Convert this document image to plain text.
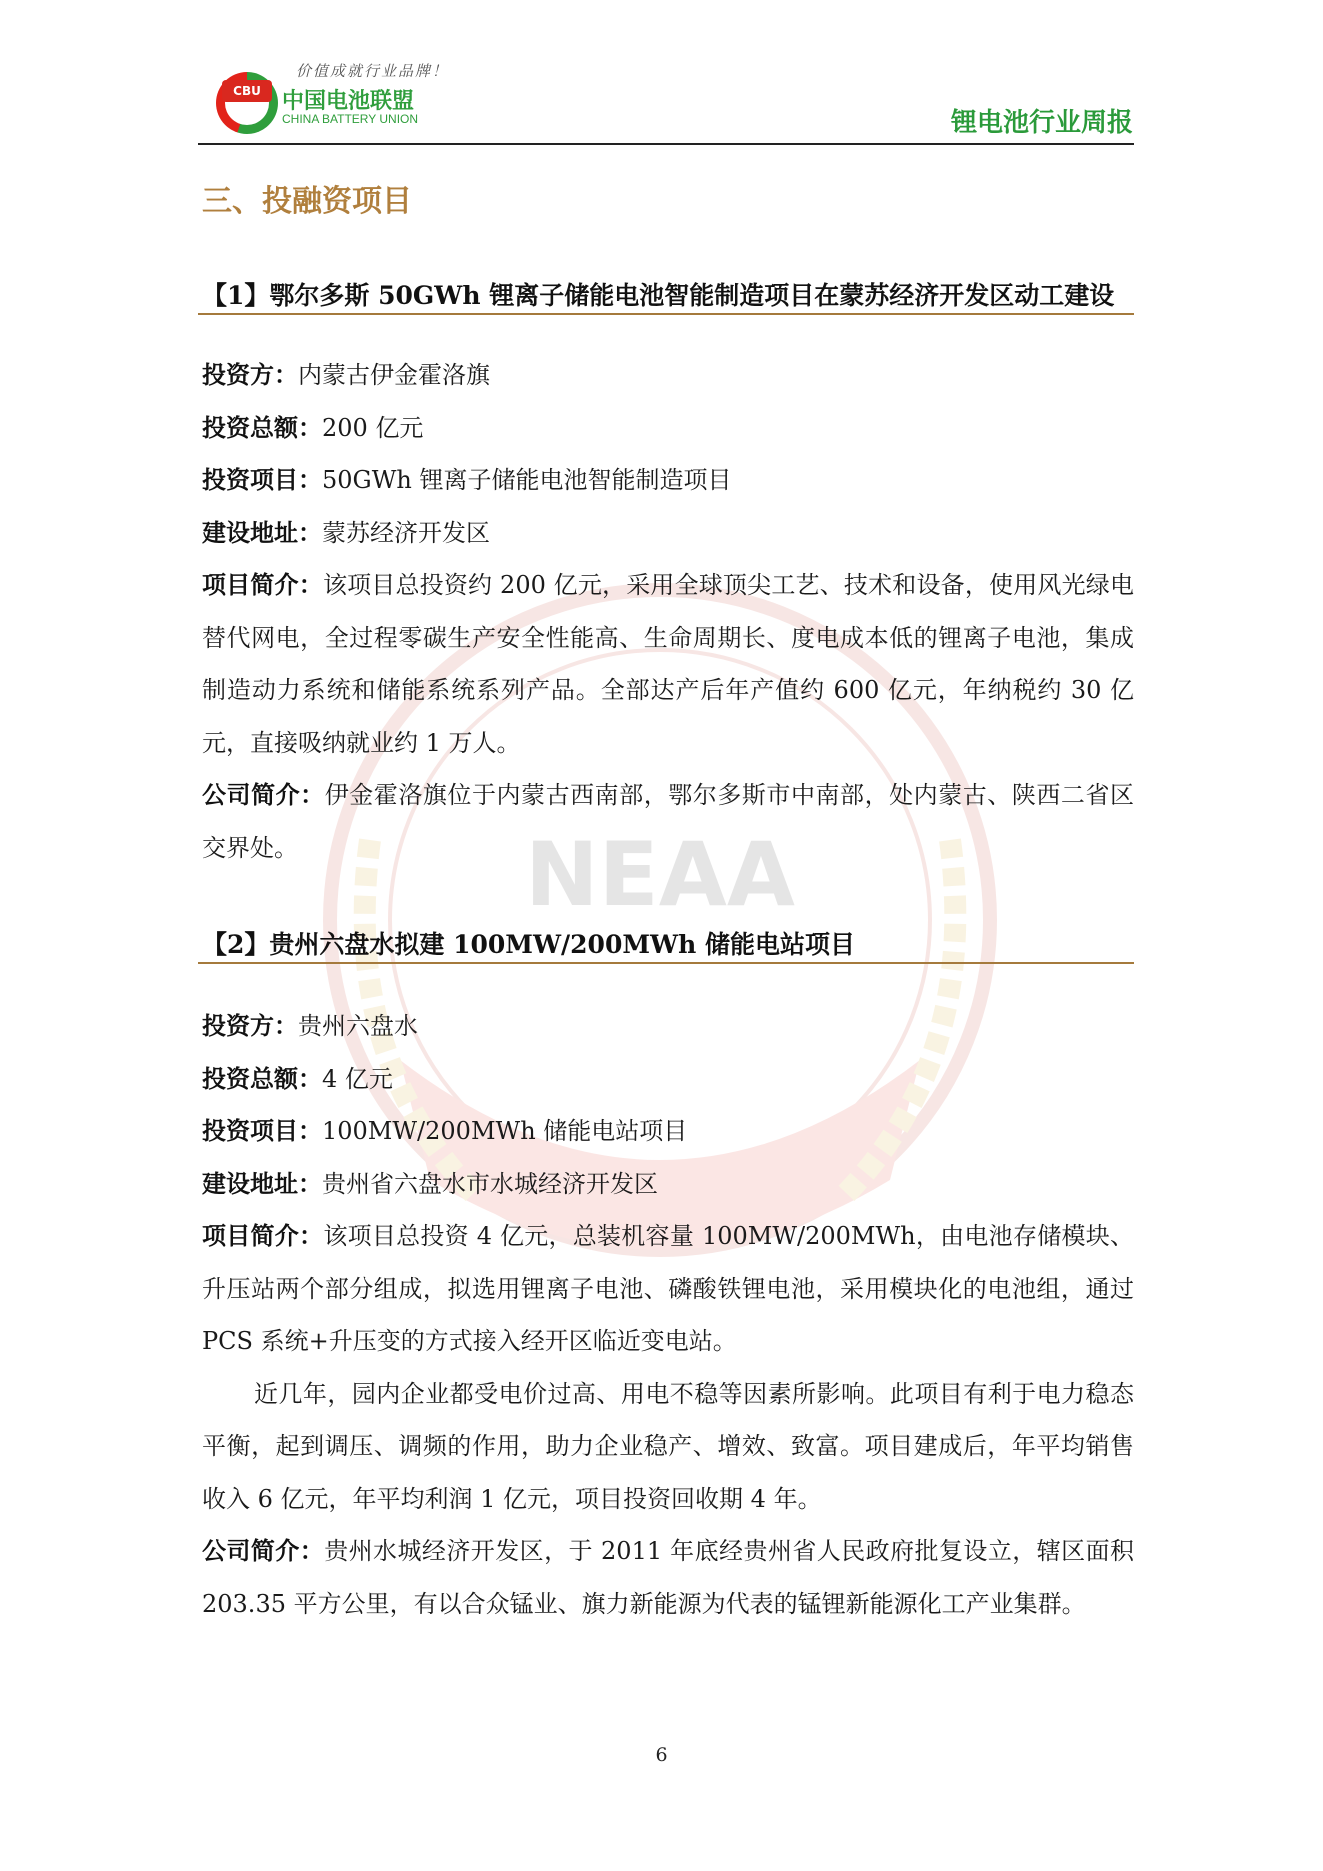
CBU
价值成就行业品牌！
中国电池联盟
CHINA BATTERY UNION	锂电池行业周报
NEAA
三、投融资项目
【1】鄂尔多斯 50GWh 锂离子储能电池智能制造项目在蒙苏经济开发区动工建设
投资方：内蒙古伊金霍洛旗
投资总额：200 亿元
投资项目：50GWh 锂离子储能电池智能制造项目
建设地址：蒙苏经济开发区
项目简介：该项目总投资约 200 亿元，采用全球顶尖工艺、技术和设备，使用风光绿电替代网电，全过程零碳生产安全性能高、生命周期长、度电成本低的锂离子电池，集成制造动力系统和储能系统系列产品。全部达产后年产值约 600 亿元，年纳税约 30 亿元，直接吸纳就业约 1 万人。
公司简介：伊金霍洛旗位于内蒙古西南部，鄂尔多斯市中南部，处内蒙古、陕西二省区交界处。
【2】贵州六盘水拟建 100MW/200MWh 储能电站项目
投资方：贵州六盘水
投资总额：4 亿元
投资项目：100MW/200MWh 储能电站项目
建设地址：贵州省六盘水市水城经济开发区
项目简介：该项目总投资 4 亿元，总装机容量 100MW/200MWh，由电池存储模块、升压站两个部分组成，拟选用锂离子电池、磷酸铁锂电池，采用模块化的电池组，通过 PCS 系统+升压变的方式接入经开区临近变电站。
近几年，园内企业都受电价过高、用电不稳等因素所影响。此项目有利于电力稳态平衡，起到调压、调频的作用，助力企业稳产、增效、致富。项目建成后，年平均销售收入 6 亿元，年平均利润 1 亿元，项目投资回收期 4 年。
公司简介：贵州水城经济开发区，于 2011 年底经贵州省人民政府批复设立，辖区面积 203.35 平方公里，有以合众锰业、旗力新能源为代表的锰锂新能源化工产业集群。
6
